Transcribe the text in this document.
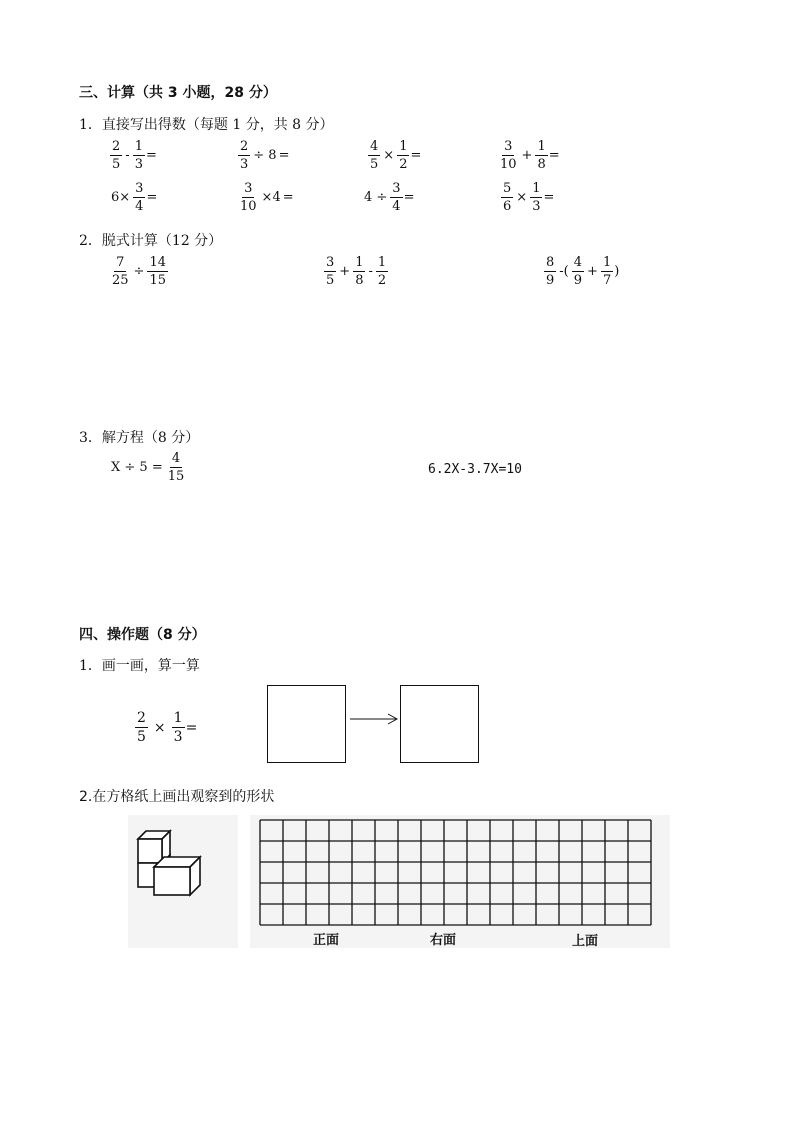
三、计算（共 3 小题，28 分）
1．直接写出得数（每题 1 分，共 8 分）
$\frac{2}{5} - \frac{1}{3}$ =	$\frac{2}{3} \div 8$ =	$\frac{4}{5} \times \frac{1}{2}$ =	$\frac{3}{10} + \frac{1}{8}$ =
$6\times \frac{3}{4}$ =	$\frac{3}{10} \times 4$ =	$4 \div \frac{3}{4}$ =	$\frac{5}{6} \times \frac{1}{3}$ =
2．脱式计算（12 分）
$\frac{7}{25} \div \frac{14}{15}$	$\frac{3}{5} + \frac{1}{8} - \frac{1}{2}$	$\frac{8}{9}$ -( $\frac{4}{9} + \frac{1}{7}$ )
3．解方程（8 分）
$X \div 5 = \frac{4}{15}$	6.2X-3.7X=10
四、操作题（8 分）
1．画一画，算一算
$\frac{2}{5} \times \frac{1}{3}$ =
2.在方格纸上画出观察到的形状
正面	右面	上面
